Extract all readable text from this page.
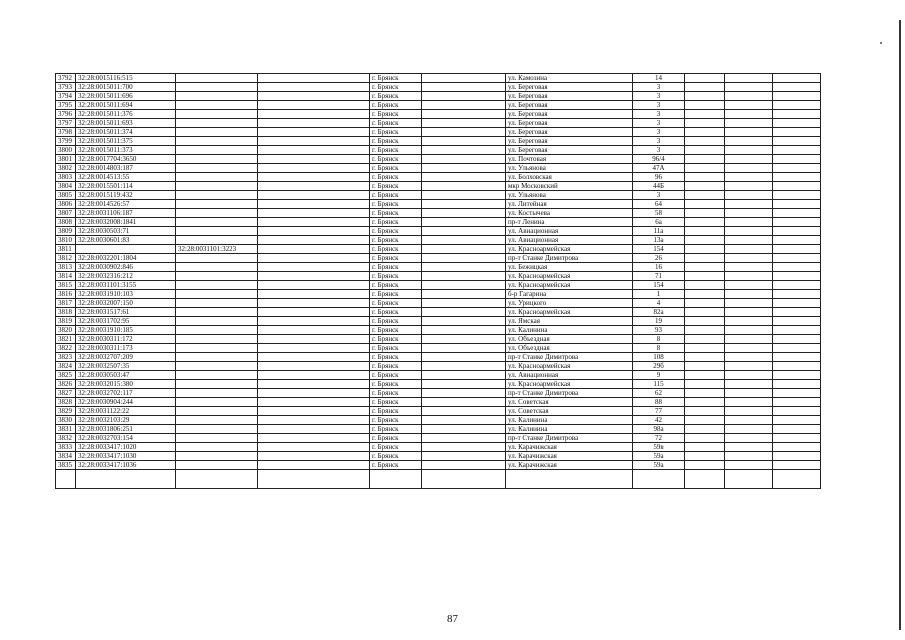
3792	32:28:0015116:515			г. Брянск		ул. Камозина	14			
3793	32:28:0015011:700			г. Брянск		ул. Береговая	3			
3794	32:28:0015011:696			г. Брянск		ул. Береговая	3			
3795	32:28:0015011:694			г. Брянск		ул. Береговая	3			
3796	32:28:0015011:376			г. Брянск		ул. Береговая	3			
3797	32:28:0015011:693			г. Брянск		ул. Береговая	3			
3798	32:28:0015011:374			г. Брянск		ул. Береговая	3			
3799	32:28:0015011:375			г. Брянск		ул. Береговая	3			
3800	32:28:0015011:373			г. Брянск		ул. Береговая	3			
3801	32:28:0017704:3650			г. Брянск		ул. Почтовая	96/4			
3802	32:28:0014803:187			г. Брянск		ул. Ульянова	47А			
3803	32:28:0014513:55			г. Брянск		ул. Болховская	96			
3804	32:28:0015501:114			г. Брянск		мкр Московский	44Б			
3805	32:28:0015119:432			г. Брянск		ул. Ульянова	3			
3806	32:28:0014526:57			г. Брянск		ул. Литейная	64			
3807	32:28:0031106:187			г. Брянск		ул. Костычева	58			
3808	32:28:0032008:1841			г. Брянск		пр-т Ленина	6а			
3809	32:28:0030503:71			г. Брянск		ул. Авиационная	11а			
3810	32:28:0030601:83			г. Брянск		ул. Авиационная	13а			
3811		32:28:0031101:3223		г. Брянск		ул. Красноармейская	154			
3812	32:28:0032201:1804			г. Брянск		пр-т Станке Димитрова	26			
3813	32:28:0030902:846			г. Брянск		ул. Бежицкая	16			
3814	32:28:0032316:212			г. Брянск		ул. Красноармейская	71			
3815	32:28:0031101:3155			г. Брянск		ул. Красноармейская	154			
3816	32:28:0031910:103			г. Брянск		б-р Гагарина	1			
3817	32:28:0032007:150			г. Брянск		ул. Урицкого	4			
3818	32:28:0031517:61			г. Брянск		ул. Красноармейская	82а			
3819	32:28:0031702:95			г. Брянск		ул. Ямская	19			
3820	32:28:0031910:185			г. Брянск		ул. Калинина	93			
3821	32:28:0030311:172			г. Брянск		ул. Объездная	8			
3822	32:28:0030311:173			г. Брянск		ул. Объездная	8			
3823	32:28:0032707:209			г. Брянск		пр-т Станке Димитрова	108			
3824	32:28:0032507:35			г. Брянск		ул. Красноармейская	29б			
3825	32:28:0030503:47			г. Брянск		ул. Авиационная	9			
3826	32:28:0032015:380			г. Брянск		ул. Красноармейская	115			
3827	32:28:0032702:117			г. Брянск		пр-т Станке Димитрова	62			
3828	32:28:0030904:244			г. Брянск		ул. Советская	88			
3829	32:28:0031122:22			г. Брянск		ул. Советская	77			
3830	32:28:0032103:29			г. Брянск		ул. Калинина	42			
3831	32:28:0031806:251			г. Брянск		ул. Калинина	98а			
3832	32:28:0032703:154			г. Брянск		пр-т Станке Димитрова	72			
3833	32:28:0033417:1020			г. Брянск		ул. Карачижская	59в			
3834	32:28:0033417:1030			г. Брянск		ул. Карачижская	59а			
3835	32:28:0033417:1036			г. Брянск		ул. Карачижская	59а			

87
